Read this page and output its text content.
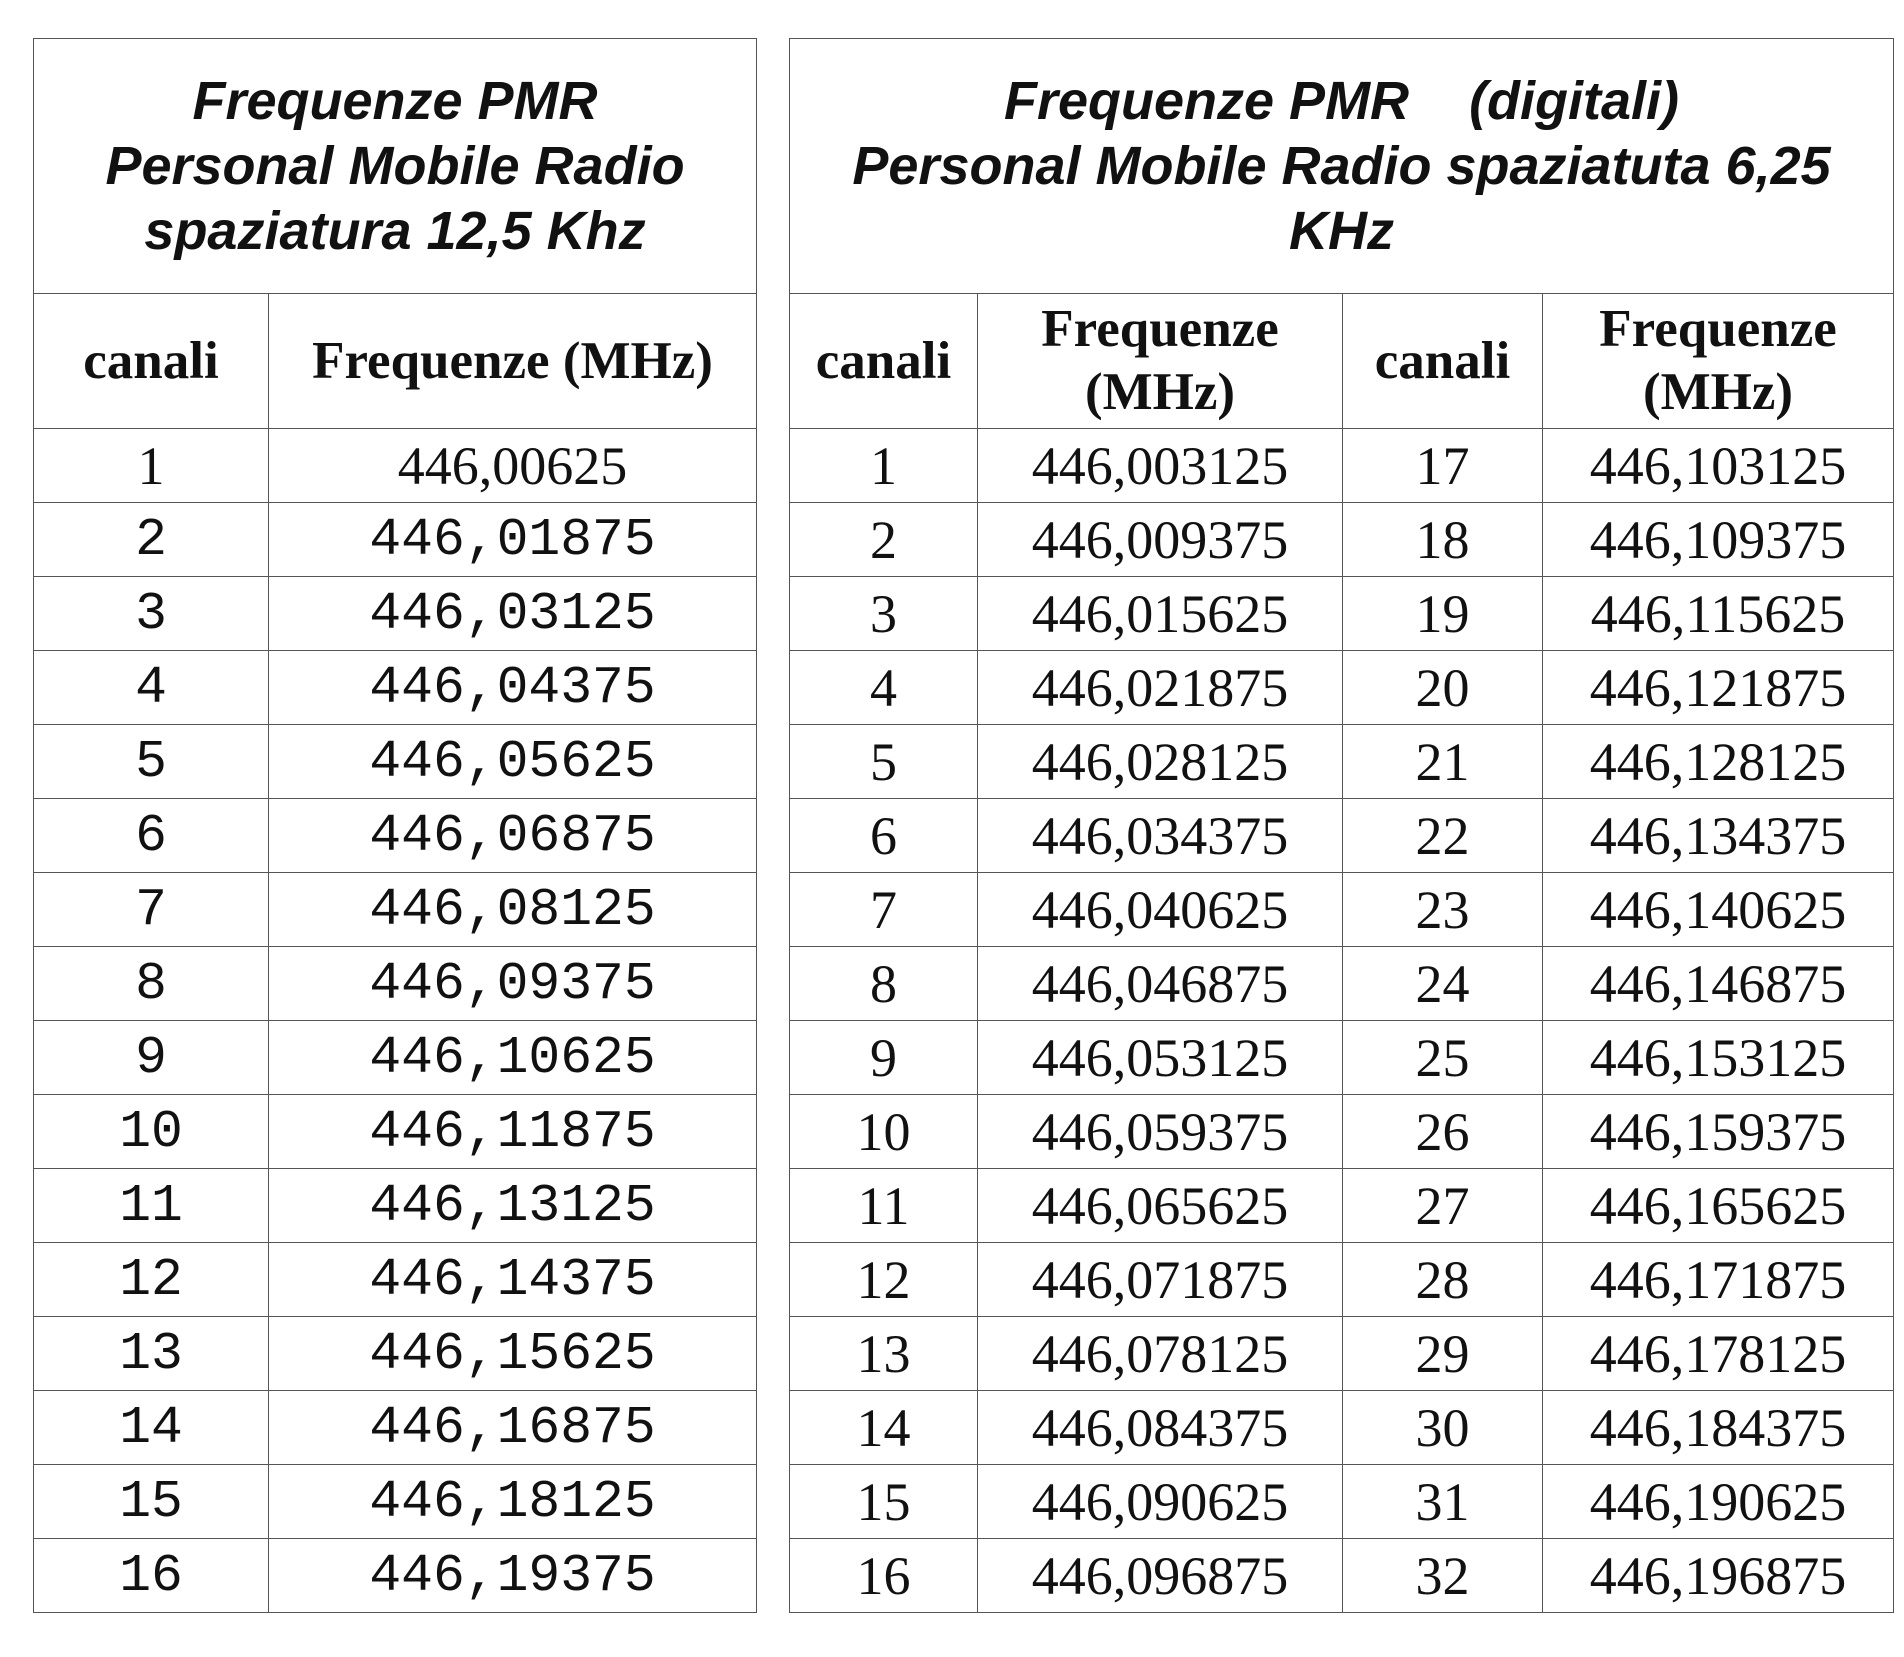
Frequenze PMR
Personal Mobile Radio
spaziatura 12,5 Khz	

canali	Frequenze (MHz)
1	446,00625
2	446,01875
3	446,03125
4	446,04375
5	446,05625
6	446,06875
7	446,08125
8	446,09375
9	446,10625
10	446,11875
11	446,13125
12	446,14375
13	446,15625
14	446,16875
15	446,18125
16	446,19375
Frequenze PMR    (digitali)
Personal Mobile Radio spaziatuta 6,25
KHz			

canali	Frequenze (MHz)	canali	Frequenze (MHz)
1	446,003125	17	446,103125
2	446,009375	18	446,109375
3	446,015625	19	446,115625
4	446,021875	20	446,121875
5	446,028125	21	446,128125
6	446,034375	22	446,134375
7	446,040625	23	446,140625
8	446,046875	24	446,146875
9	446,053125	25	446,153125
10	446,059375	26	446,159375
11	446,065625	27	446,165625
12	446,071875	28	446,171875
13	446,078125	29	446,178125
14	446,084375	30	446,184375
15	446,090625	31	446,190625
16	446,096875	32	446,196875
